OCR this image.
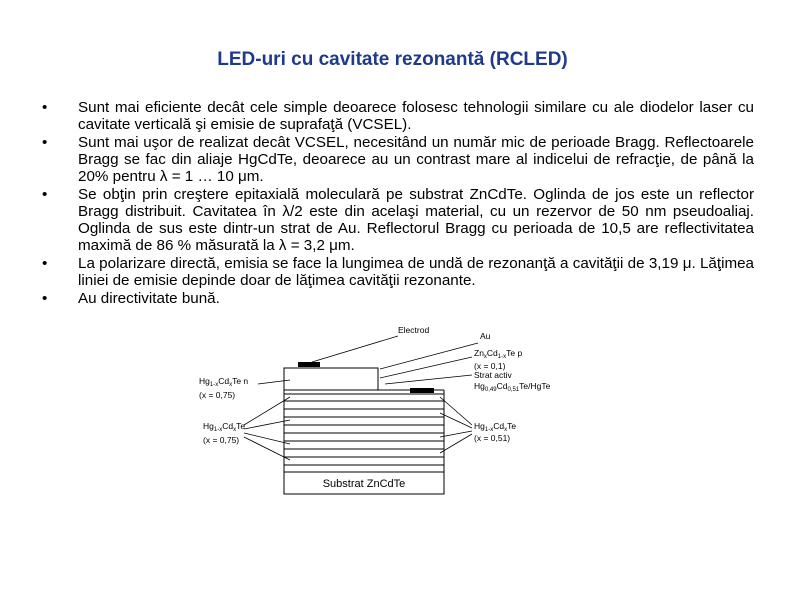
LED-uri cu cavitate rezonantă (RCLED)
• Sunt mai eficiente decât cele simple deoarece folosesc tehnologii similare cu ale diodelor laser cu cavitate verticală şi emisie de suprafaţă (VCSEL).
• Sunt mai uşor de realizat decât VCSEL, necesitând un număr mic de perioade Bragg. Reflectoarele Bragg se fac din aliaje HgCdTe, deoarece au un contrast mare al indicelui de refracţie, de până la 20% pentru λ = 1 … 10 μm.
• Se obţin prin creştere epitaxială moleculară pe substrat ZnCdTe. Oglinda de jos este un reflector Bragg distribuit. Cavitatea în λ/2 este din acelaşi material, cu un rezervor de 50 nm pseudoaliaj. Oglinda de sus este dintr-un strat de Au. Reflectorul Bragg cu perioada de 10,5 are reflectivitatea maximă de 86 % măsurată la λ = 3,2 μm.
• La polarizare directă, emisia se face la lungimea de undă de rezonanţă a cavităţii de 3,19 μ. Lăţimea liniei de emisie depinde doar de lăţimea cavităţii rezonante.
• Au directivitate bună.
Electrod
Au
$Zn_xCd_{1-x}Te$ p
(x = 0,1)
Strat activ
$Hg_{0,49}Cd_{0,51}Te$/HgTe
$Hg_{1-x}Cd_xTe$ n
(x = 0,75)
$Hg_{1-x}Cd_xTe$
(x = 0,75)
$Hg_{1-x}Cd_xTe$
(x = 0,51)
Substrat ZnCdTe
